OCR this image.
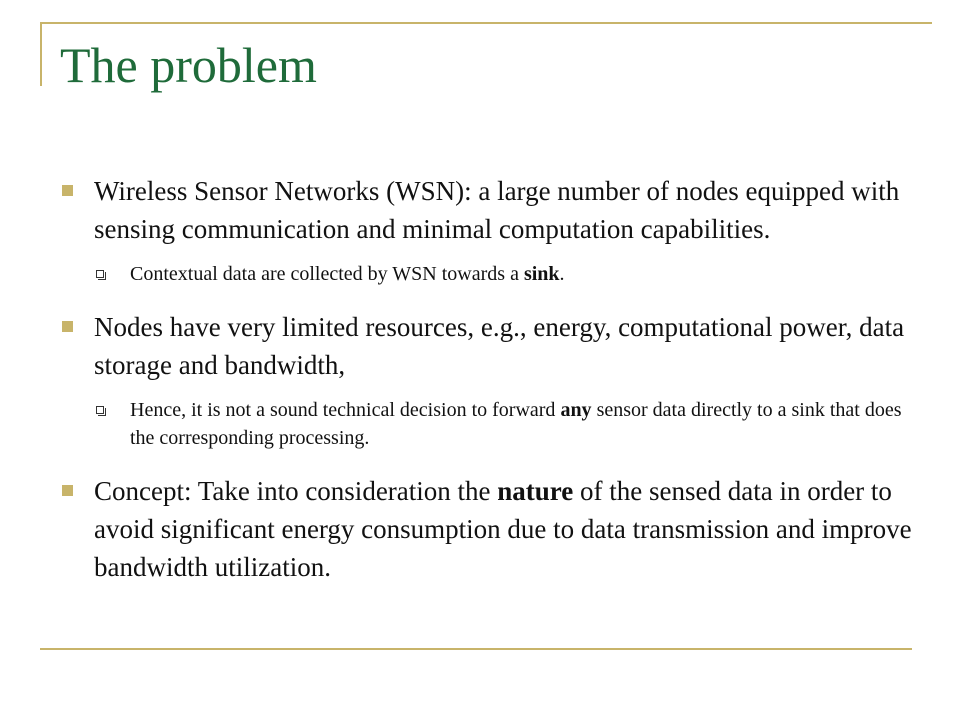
The problem
Wireless Sensor Networks (WSN): a large number of nodes equipped with sensing communication and minimal computation capabilities.
Contextual data are collected by WSN towards a sink.
Nodes have very limited resources, e.g., energy, computational power, data storage and bandwidth,
Hence, it is not a sound technical decision to forward any sensor data directly to a sink that does the corresponding processing.
Concept: Take into consideration the nature of the sensed data in order to avoid significant energy consumption due to data transmission and improve bandwidth utilization.
